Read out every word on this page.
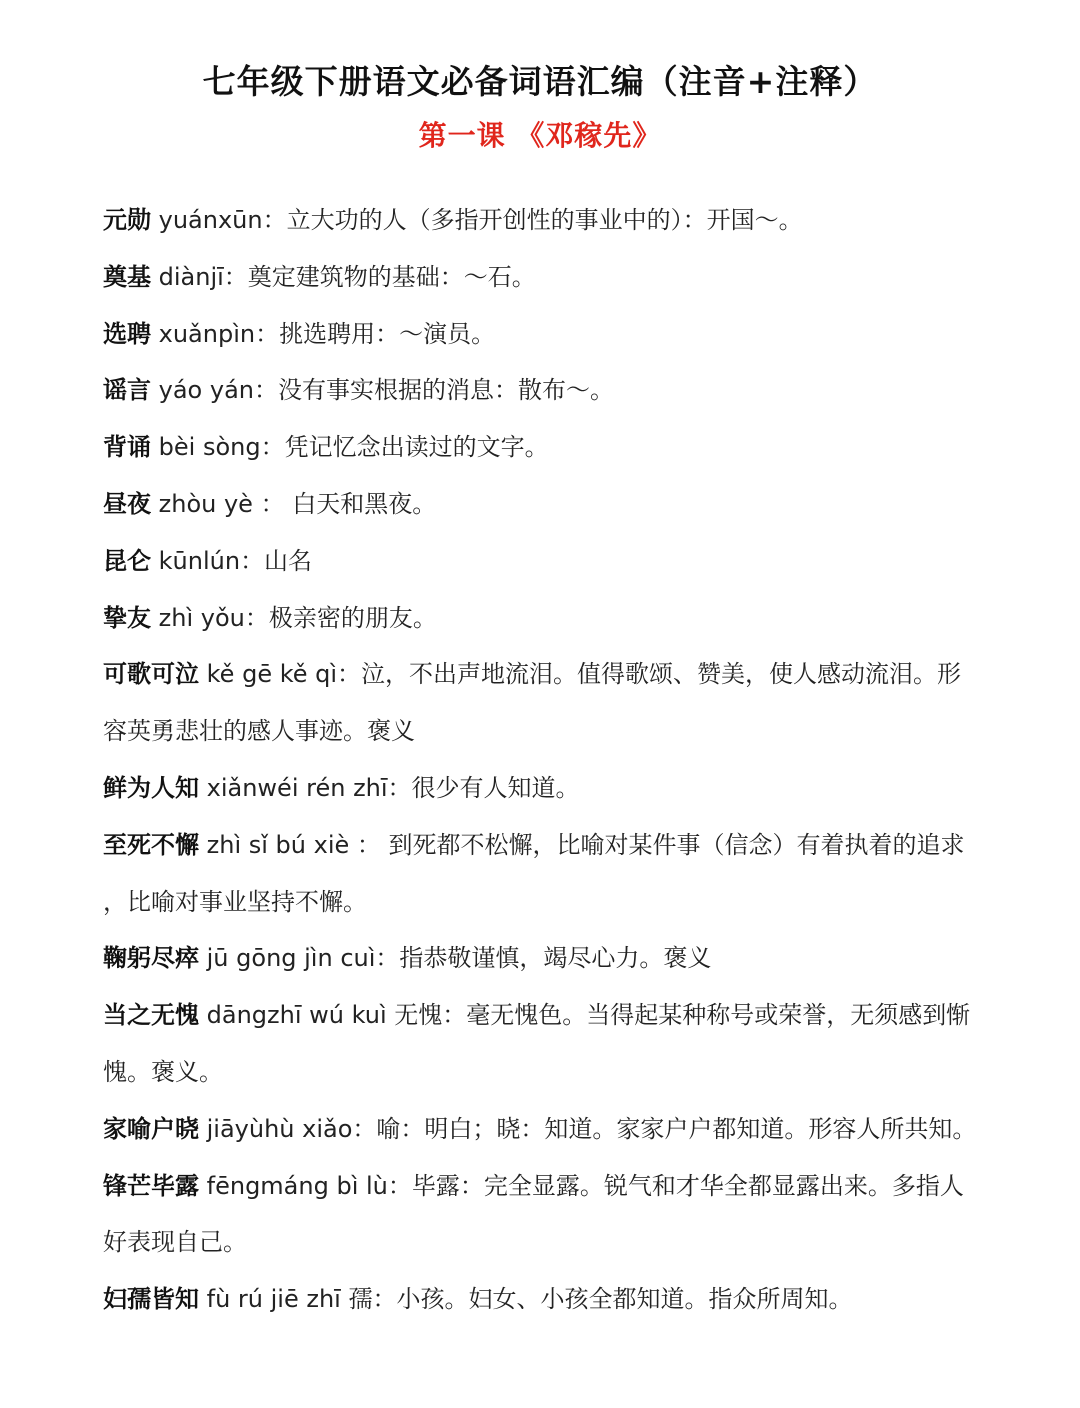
七年级下册语文必备词语汇编（注音+注释）
第一课 《邓稼先》
元勋 yuánxūn：立大功的人（多指开创性的事业中的）：开国～。
奠基 diànjī：奠定建筑物的基础：～石。
选聘 xuǎnpìn：挑选聘用：～演员。
谣言 yáo yán：没有事实根据的消息：散布～。
背诵 bèi sòng：凭记忆念出读过的文字。
昼夜 zhòu yè ： 白天和黑夜。
昆仑 kūnlún：山名
挚友 zhì yǒu：极亲密的朋友。
可歌可泣 kě gē kě qì：泣，不出声地流泪。值得歌颂、赞美，使人感动流泪。形容英勇悲壮的感人事迹。褒义
鲜为人知 xiǎnwéi rén zhī：很少有人知道。
至死不懈 zhì sǐ bú xiè ： 到死都不松懈，比喻对某件事（信念）有着执着的追求 ，比喻对事业坚持不懈。
鞠躬尽瘁 jū gōng jìn cuì：指恭敬谨慎，竭尽心力。褒义
当之无愧 dāngzhī wú kuì 无愧：毫无愧色。当得起某种称号或荣誉，无须感到惭愧。褒义。
家喻户晓 jiāyùhù xiǎo：喻：明白；晓：知道。家家户户都知道。形容人所共知。
锋芒毕露 fēngmáng bì lù：毕露：完全显露。锐气和才华全都显露出来。多指人好表现自己。
妇孺皆知 fù rú jiē zhī 孺：小孩。妇女、小孩全都知道。指众所周知。
